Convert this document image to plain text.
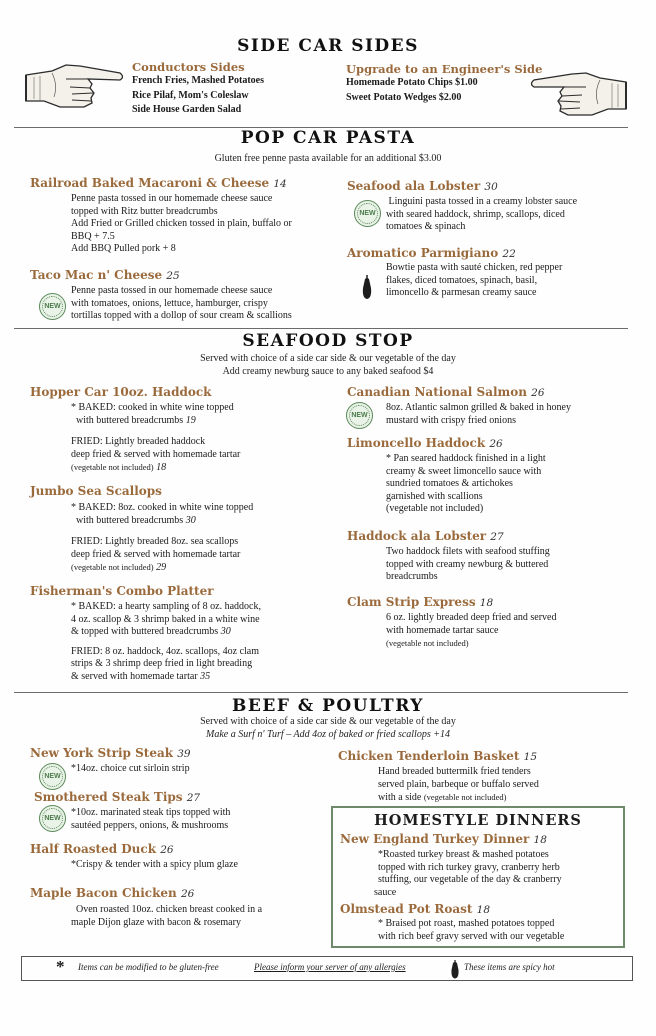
SIDE CAR SIDES
Conductors Sides
French Fries, Mashed Potatoes
Rice Pilaf, Mom's Coleslaw
Side House Garden Salad
Upgrade to an Engineer's Side
Homemade Potato Chips $1.00
Sweet Potato Wedges $2.00
POP CAR PASTA
Gluten free penne pasta available for an additional $3.00
Railroad Baked Macaroni & Cheese 14
Penne pasta tossed in our homemade cheese sauce
topped with Ritz butter breadcrumbs
Add Fried or Grilled chicken tossed in plain, buffalo or
BBQ + 7.5
Add BBQ Pulled pork + 8
Taco Mac n' Cheese 25
NEW
Penne pasta tossed in our homemade cheese sauce
with tomatoes, onions, lettuce, hamburger, crispy
tortillas topped with a dollop of sour cream & scallions
Seafood ala Lobster 30
NEW
Linguini pasta tossed in a creamy lobster sauce
with seared haddock, shrimp, scallops, diced
tomatoes & spinach
Aromatico Parmigiano 22
Bowtie pasta with sauté chicken, red pepper
flakes, diced tomatoes, spinach, basil,
limoncello & parmesan creamy sauce
SEAFOOD STOP
Served with choice of a side car side & our vegetable of the day
Add creamy newburg sauce to any baked seafood $4
Hopper Car 10oz. Haddock
* BAKED: cooked in white wine topped
with buttered breadcrumbs 19
FRIED: Lightly breaded haddock
deep fried & served with homemade tartar
(vegetable not included) 18
Jumbo Sea Scallops
* BAKED: 8oz. cooked in white wine topped
with buttered breadcrumbs 30
FRIED: Lightly breaded 8oz. sea scallops
deep fried & served with homemade tartar
(vegetable not included) 29
Fisherman's Combo Platter
* BAKED: a hearty sampling of 8 oz. haddock,
4 oz. scallop & 3 shrimp baked in a white wine
& topped with buttered breadcrumbs 30
FRIED: 8 oz. haddock, 4oz. scallops, 4oz clam
strips & 3 shrimp deep fried in light breading
& served with homemade tartar 35
Canadian National Salmon 26
NEW
8oz. Atlantic salmon grilled & baked in honey
mustard with crispy fried onions
Limoncello Haddock 26
* Pan seared haddock finished in a light
creamy & sweet limoncello sauce with
sundried tomatoes & artichokes
garnished with scallions
(vegetable not included)
Haddock ala Lobster 27
Two haddock filets with seafood stuffing
topped with creamy newburg & buttered
breadcrumbs
Clam Strip Express 18
6 oz. lightly breaded deep fried and served
with homemade tartar sauce
(vegetable not included)
BEEF & POULTRY
Served with choice of a side car side & our vegetable of the day
Make a Surf n' Turf – Add 4oz of baked or fried scallops +14
New York Strip Steak 39
NEW
*14oz. choice cut sirloin strip
Smothered Steak Tips 27
NEW
*10oz. marinated steak tips topped with
sautéed peppers, onions, & mushrooms
Half Roasted Duck 26
*Crispy & tender with a spicy plum glaze
Maple Bacon Chicken 26
Oven roasted 10oz. chicken breast cooked in a
maple Dijon glaze with bacon & rosemary
Chicken Tenderloin Basket 15
Hand breaded buttermilk fried tenders
served plain, barbeque or buffalo served
with a side (vegetable not included)
HOMESTYLE DINNERS
New England Turkey Dinner 18
*Roasted turkey breast & mashed potatoes
topped with rich turkey gravy, cranberry herb
stuffing, our vegetable of the day & cranberry
sauce
Olmstead Pot Roast 18
* Braised pot roast, mashed potatoes topped
with rich beef gravy served with our vegetable
* Items can be modified to be gluten-free	Please inform your server of any allergies	These items are spicy hot
